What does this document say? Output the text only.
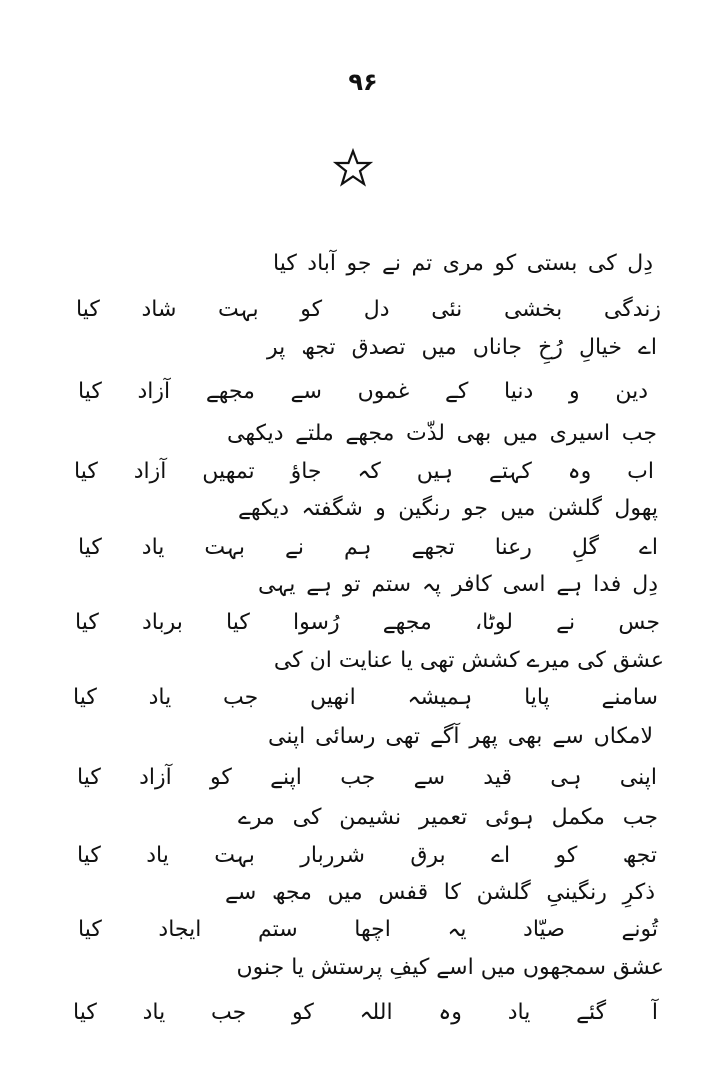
۹۶
دِل کی بستی کو مری تم نے جو آباد کیا
زندگی بخشی نئی دل کو بہت شاد کیا
اے خیالِ رُخِ جاناں میں تصدق تجھ پر
دین و دنیا کے غموں سے مجھے آزاد کیا
جب اسیری میں بھی لذّت مجھے ملتے دیکھی
اب وہ کہتے ہیں کہ جاؤ تمھیں آزاد کیا
پھول گلشن میں جو رنگین و شگفتہ دیکھے
اے گلِ رعنا تجھے ہم نے بہت یاد کیا
دِل فدا ہے اسی کافر پہ ستم تو ہے یہی
جس نے لوٹا، مجھے رُسوا کیا برباد کیا
عشق کی میرے کشش تھی یا عنایت ان کی
سامنے پایا ہمیشہ انھیں جب یاد کیا
لامکاں سے بھی پھر آگے تھی رسائی اپنی
اپنی ہی قید سے جب اپنے کو آزاد کیا
جب مکمل ہوئی تعمیر نشیمن کی مرے
تجھ کو اے برق شرربار بہت یاد کیا
ذکرِ رنگینیِ گلشن کا قفس میں مجھ سے
تُونے صیّاد یہ اچھا ستم ایجاد کیا
عشق سمجھوں میں اسے کیفِ پرستش یا جنوں
آ گئے یاد وہ اللہ کو جب یاد کیا
